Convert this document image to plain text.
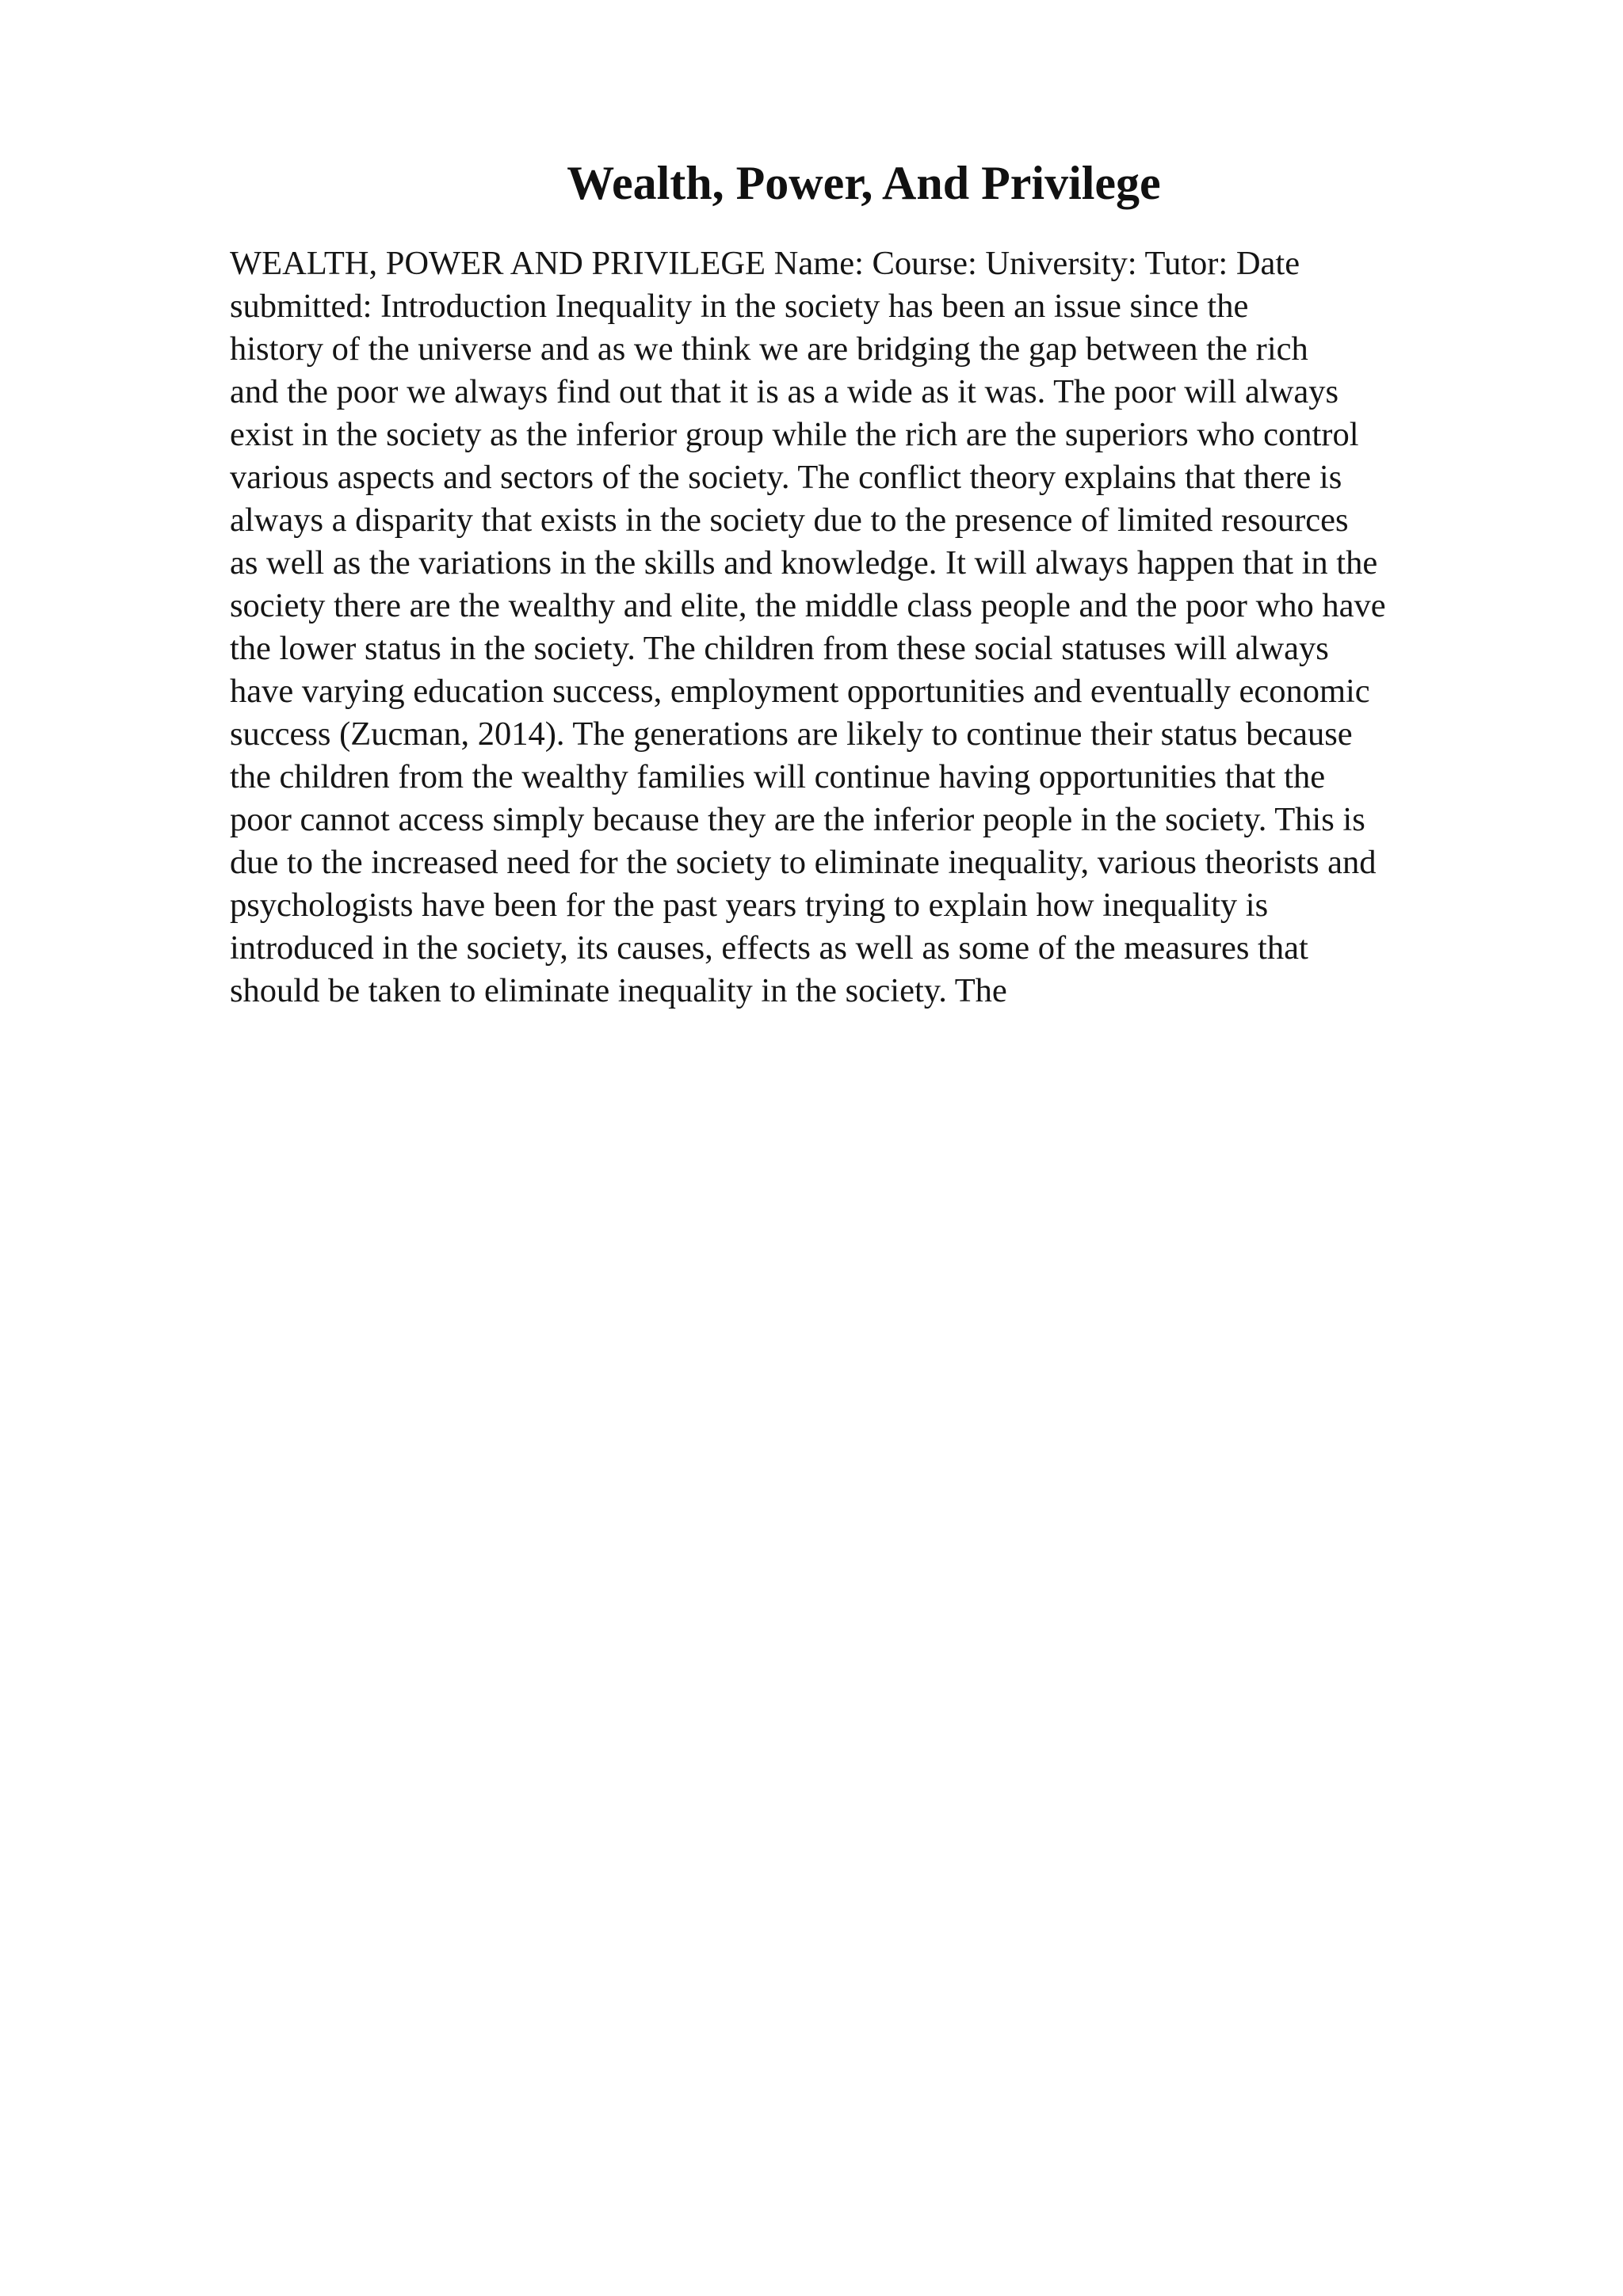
Wealth, Power, And Privilege
WEALTH, POWER AND PRIVILEGE Name: Course: University: Tutor: Date
submitted: Introduction Inequality in the society has been an issue since the
history of the universe and as we think we are bridging the gap between the rich
and the poor we always find out that it is as a wide as it was. The poor will always
exist in the society as the inferior group while the rich are the superiors who control
various aspects and sectors of the society. The conflict theory explains that there is
always a disparity that exists in the society due to the presence of limited resources
as well as the variations in the skills and knowledge. It will always happen that in the
society there are the wealthy and elite, the middle class people and the poor who have
the lower status in the society. The children from these social statuses will always
have varying education success, employment opportunities and eventually economic
success (Zucman, 2014). The generations are likely to continue their status because
the children from the wealthy families will continue having opportunities that the
poor cannot access simply because they are the inferior people in the society. This is
due to the increased need for the society to eliminate inequality, various theorists and
psychologists have been for the past years trying to explain how inequality is
introduced in the society, its causes, effects as well as some of the measures that
should be taken to eliminate inequality in the society. The
